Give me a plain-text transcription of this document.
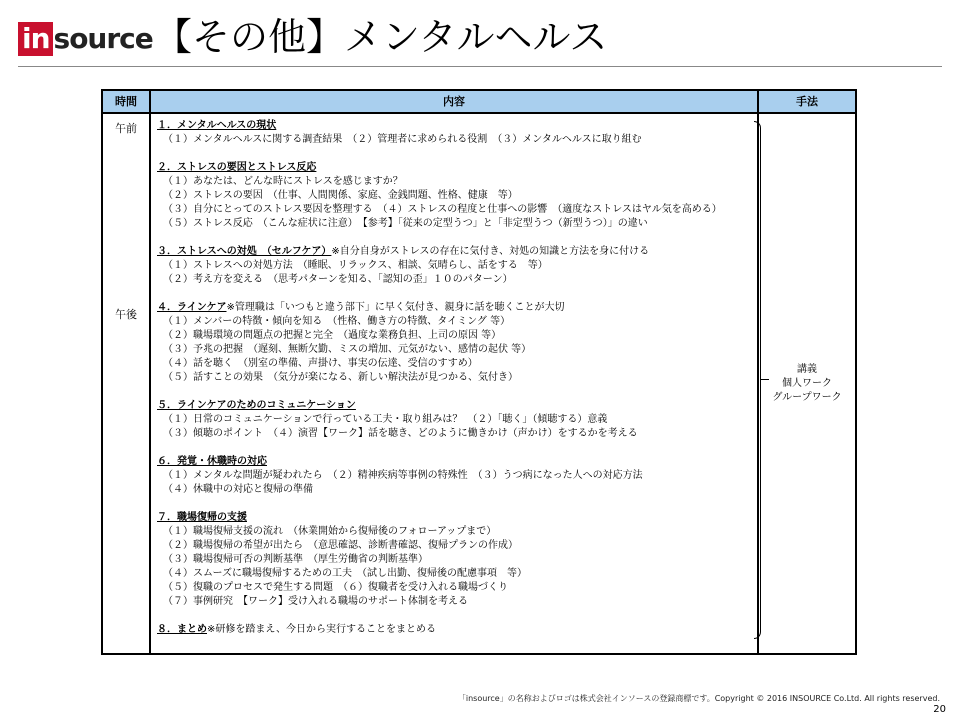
in source 【その他】メンタルヘルス
時間	内容	手法
午前
午後
１．メンタルヘルスの現状
（１）メンタルヘルスに関する調査結果　（２）管理者に求められる役割　（３）メンタルヘルスに取り組む
２．ストレスの要因とストレス反応
（１）あなたは、どんな時にストレスを感じますか？
（２）ストレスの要因　（仕事、人間関係、家庭、金銭問題、性格、健康　等）
（３）自分にとってのストレス要因を整理する　（４）ストレスの程度と仕事への影響　（適度なストレスはヤル気を高める）
（５）ストレス反応　（こんな症状に注意）　【参考】「従来の定型うつ」と「非定型うつ（新型うつ）」の違い
３．ストレスへの対処　（セルフケア）※自分自身がストレスの存在に気付き、対処の知識と方法を身に付ける
（１）ストレスへの対処方法　（睡眠、リラックス、相談、気晴らし、話をする　等）
（２）考え方を変える　（思考パターンを知る、「認知の歪」１０のパターン）
４．ラインケア※管理職は「いつもと違う部下」に早く気付き、親身に話を聴くことが大切
（１）メンバーの特徴・傾向を知る　（性格、働き方の特徴、タイミング 等）
（２）職場環境の問題点の把握と完全　（過度な業務負担、上司の原因 等）
（３）予兆の把握　（遅刻、無断欠勤、ミスの増加、元気がない、感情の起伏 等）
（４）話を聴く　（別室の準備、声掛け、事実の伝達、受信のすすめ）
（５）話すことの効果　（気分が楽になる、新しい解決法が見つかる、気付き）
５．ラインケアのためのコミュニケーション
（１）日常のコミュニケーションで行っている工夫・取り組みは？　（２）「聴く」（傾聴する）意義
（３）傾聴のポイント　（４）演習【ワーク】話を聴き、どのように働きかけ（声かけ）をするかを考える
６．発覚・休職時の対応
（１）メンタルな問題が疑われたら　（２）精神疾病等事例の特殊性　（３）うつ病になった人への対応方法
（４）休職中の対応と復帰の準備
７．職場復帰の支援
（１）職場復帰支援の流れ　（休業開始から復帰後のフォローアップまで）
（２）職場復帰の希望が出たら　（意思確認、診断書確認、復帰プランの作成）
（３）職場復帰可否の判断基準　（厚生労働省の判断基準）
（４）スムーズに職場復帰するための工夫　（試し出勤、復帰後の配慮事項　等）
（５）復職のプロセスで発生する問題　（６）復職者を受け入れる職場づくり
（７）事例研究　【ワーク】受け入れる職場のサポート体制を考える
８．まとめ※研修を踏まえ、今日から実行することをまとめる
講義
個人ワーク
グループワーク
「insource」の名称およびロゴは株式会社インソースの登録商標です。Copyright © 2016 INSOURCE Co.Ltd. All rights reserved.
20
